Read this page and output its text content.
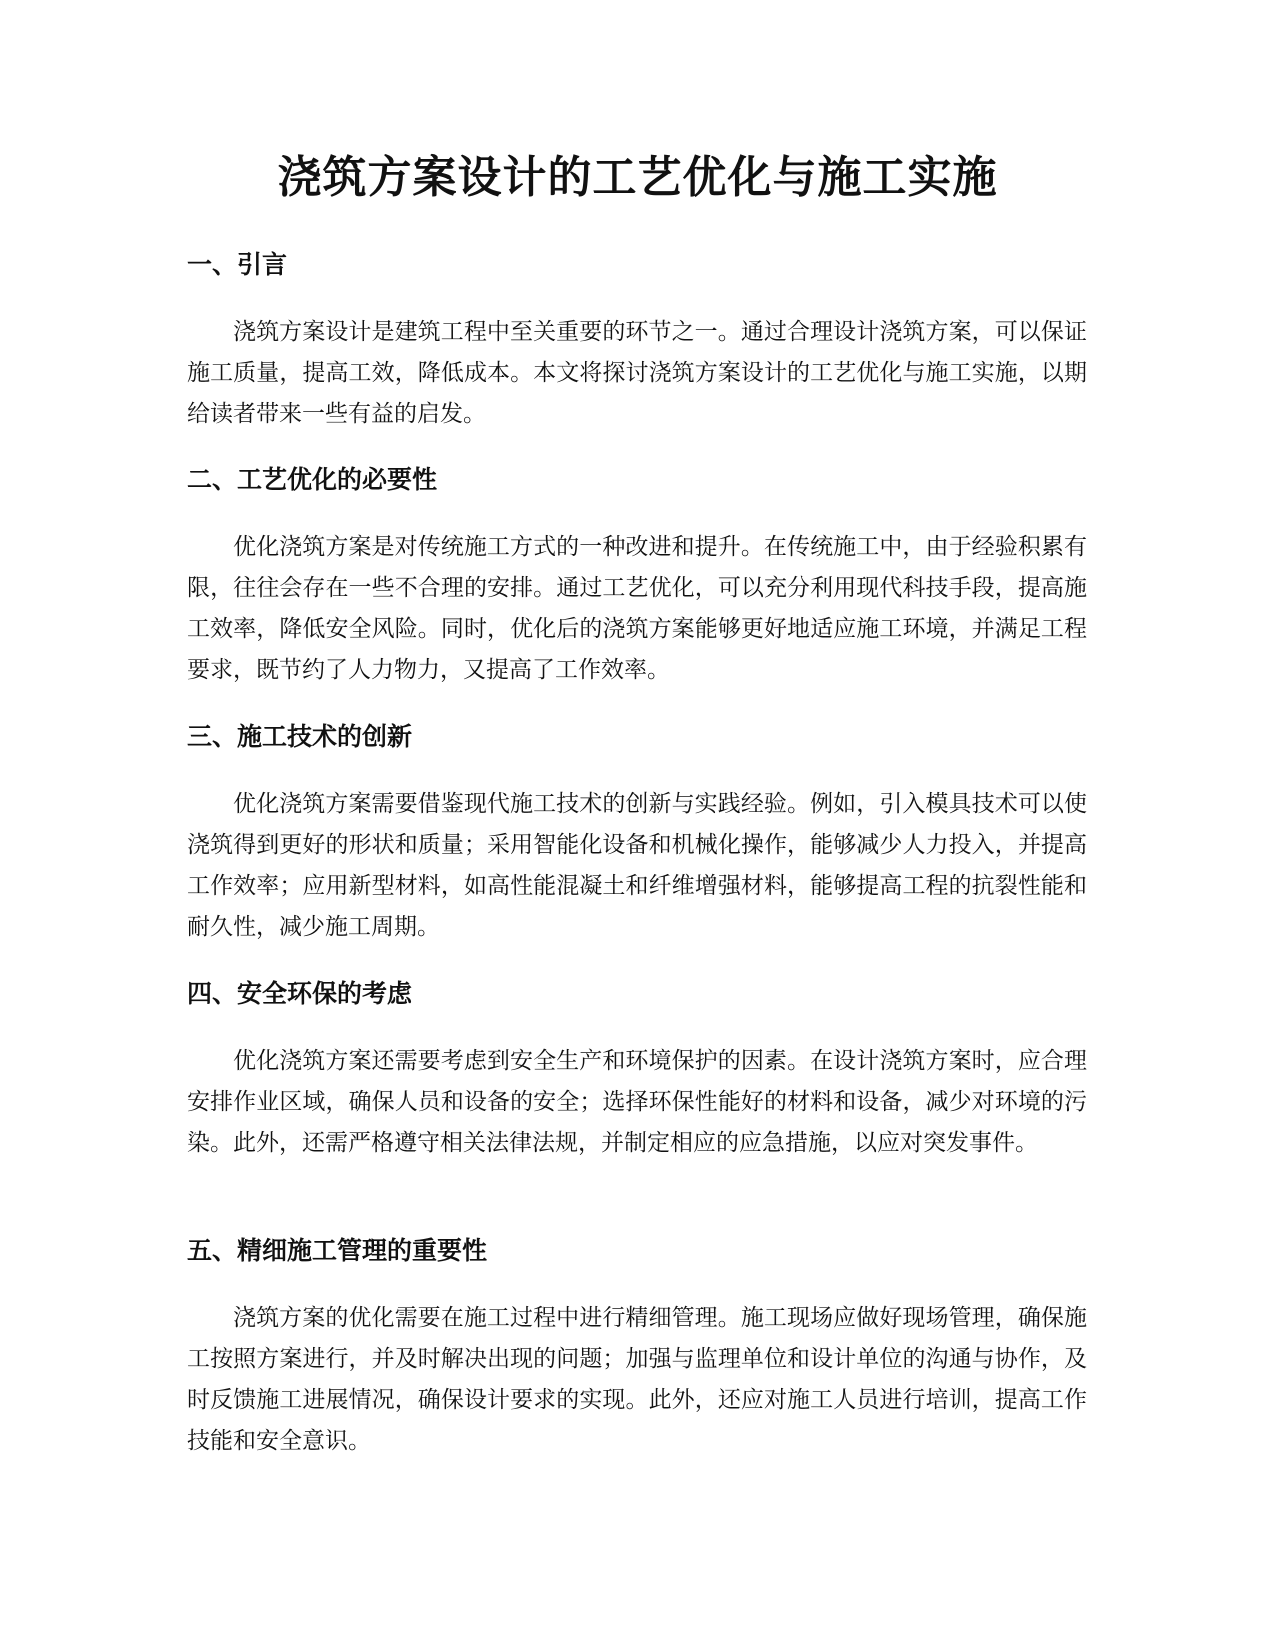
浇筑方案设计的工艺优化与施工实施
一、引言

浇筑方案设计是建筑工程中至关重要的环节之一。通过合理设计浇筑方案，可以保证施工质量，提高工效，降低成本。本文将探讨浇筑方案设计的工艺优化与施工实施，以期给读者带来一些有益的启发。

二、工艺优化的必要性

优化浇筑方案是对传统施工方式的一种改进和提升。在传统施工中，由于经验积累有限，往往会存在一些不合理的安排。通过工艺优化，可以充分利用现代科技手段，提高施工效率，降低安全风险。同时，优化后的浇筑方案能够更好地适应施工环境，并满足工程要求，既节约了人力物力，又提高了工作效率。

三、施工技术的创新

优化浇筑方案需要借鉴现代施工技术的创新与实践经验。例如，引入模具技术可以使浇筑得到更好的形状和质量；采用智能化设备和机械化操作，能够减少人力投入，并提高工作效率；应用新型材料，如高性能混凝土和纤维增强材料，能够提高工程的抗裂性能和耐久性，减少施工周期。

四、安全环保的考虑

优化浇筑方案还需要考虑到安全生产和环境保护的因素。在设计浇筑方案时，应合理安排作业区域，确保人员和设备的安全；选择环保性能好的材料和设备，减少对环境的污染。此外，还需严格遵守相关法律法规，并制定相应的应急措施，以应对突发事件。

五、精细施工管理的重要性

浇筑方案的优化需要在施工过程中进行精细管理。施工现场应做好现场管理，确保施工按照方案进行，并及时解决出现的问题；加强与监理单位和设计单位的沟通与协作，及时反馈施工进展情况，确保设计要求的实现。此外，还应对施工人员进行培训，提高工作技能和安全意识。
